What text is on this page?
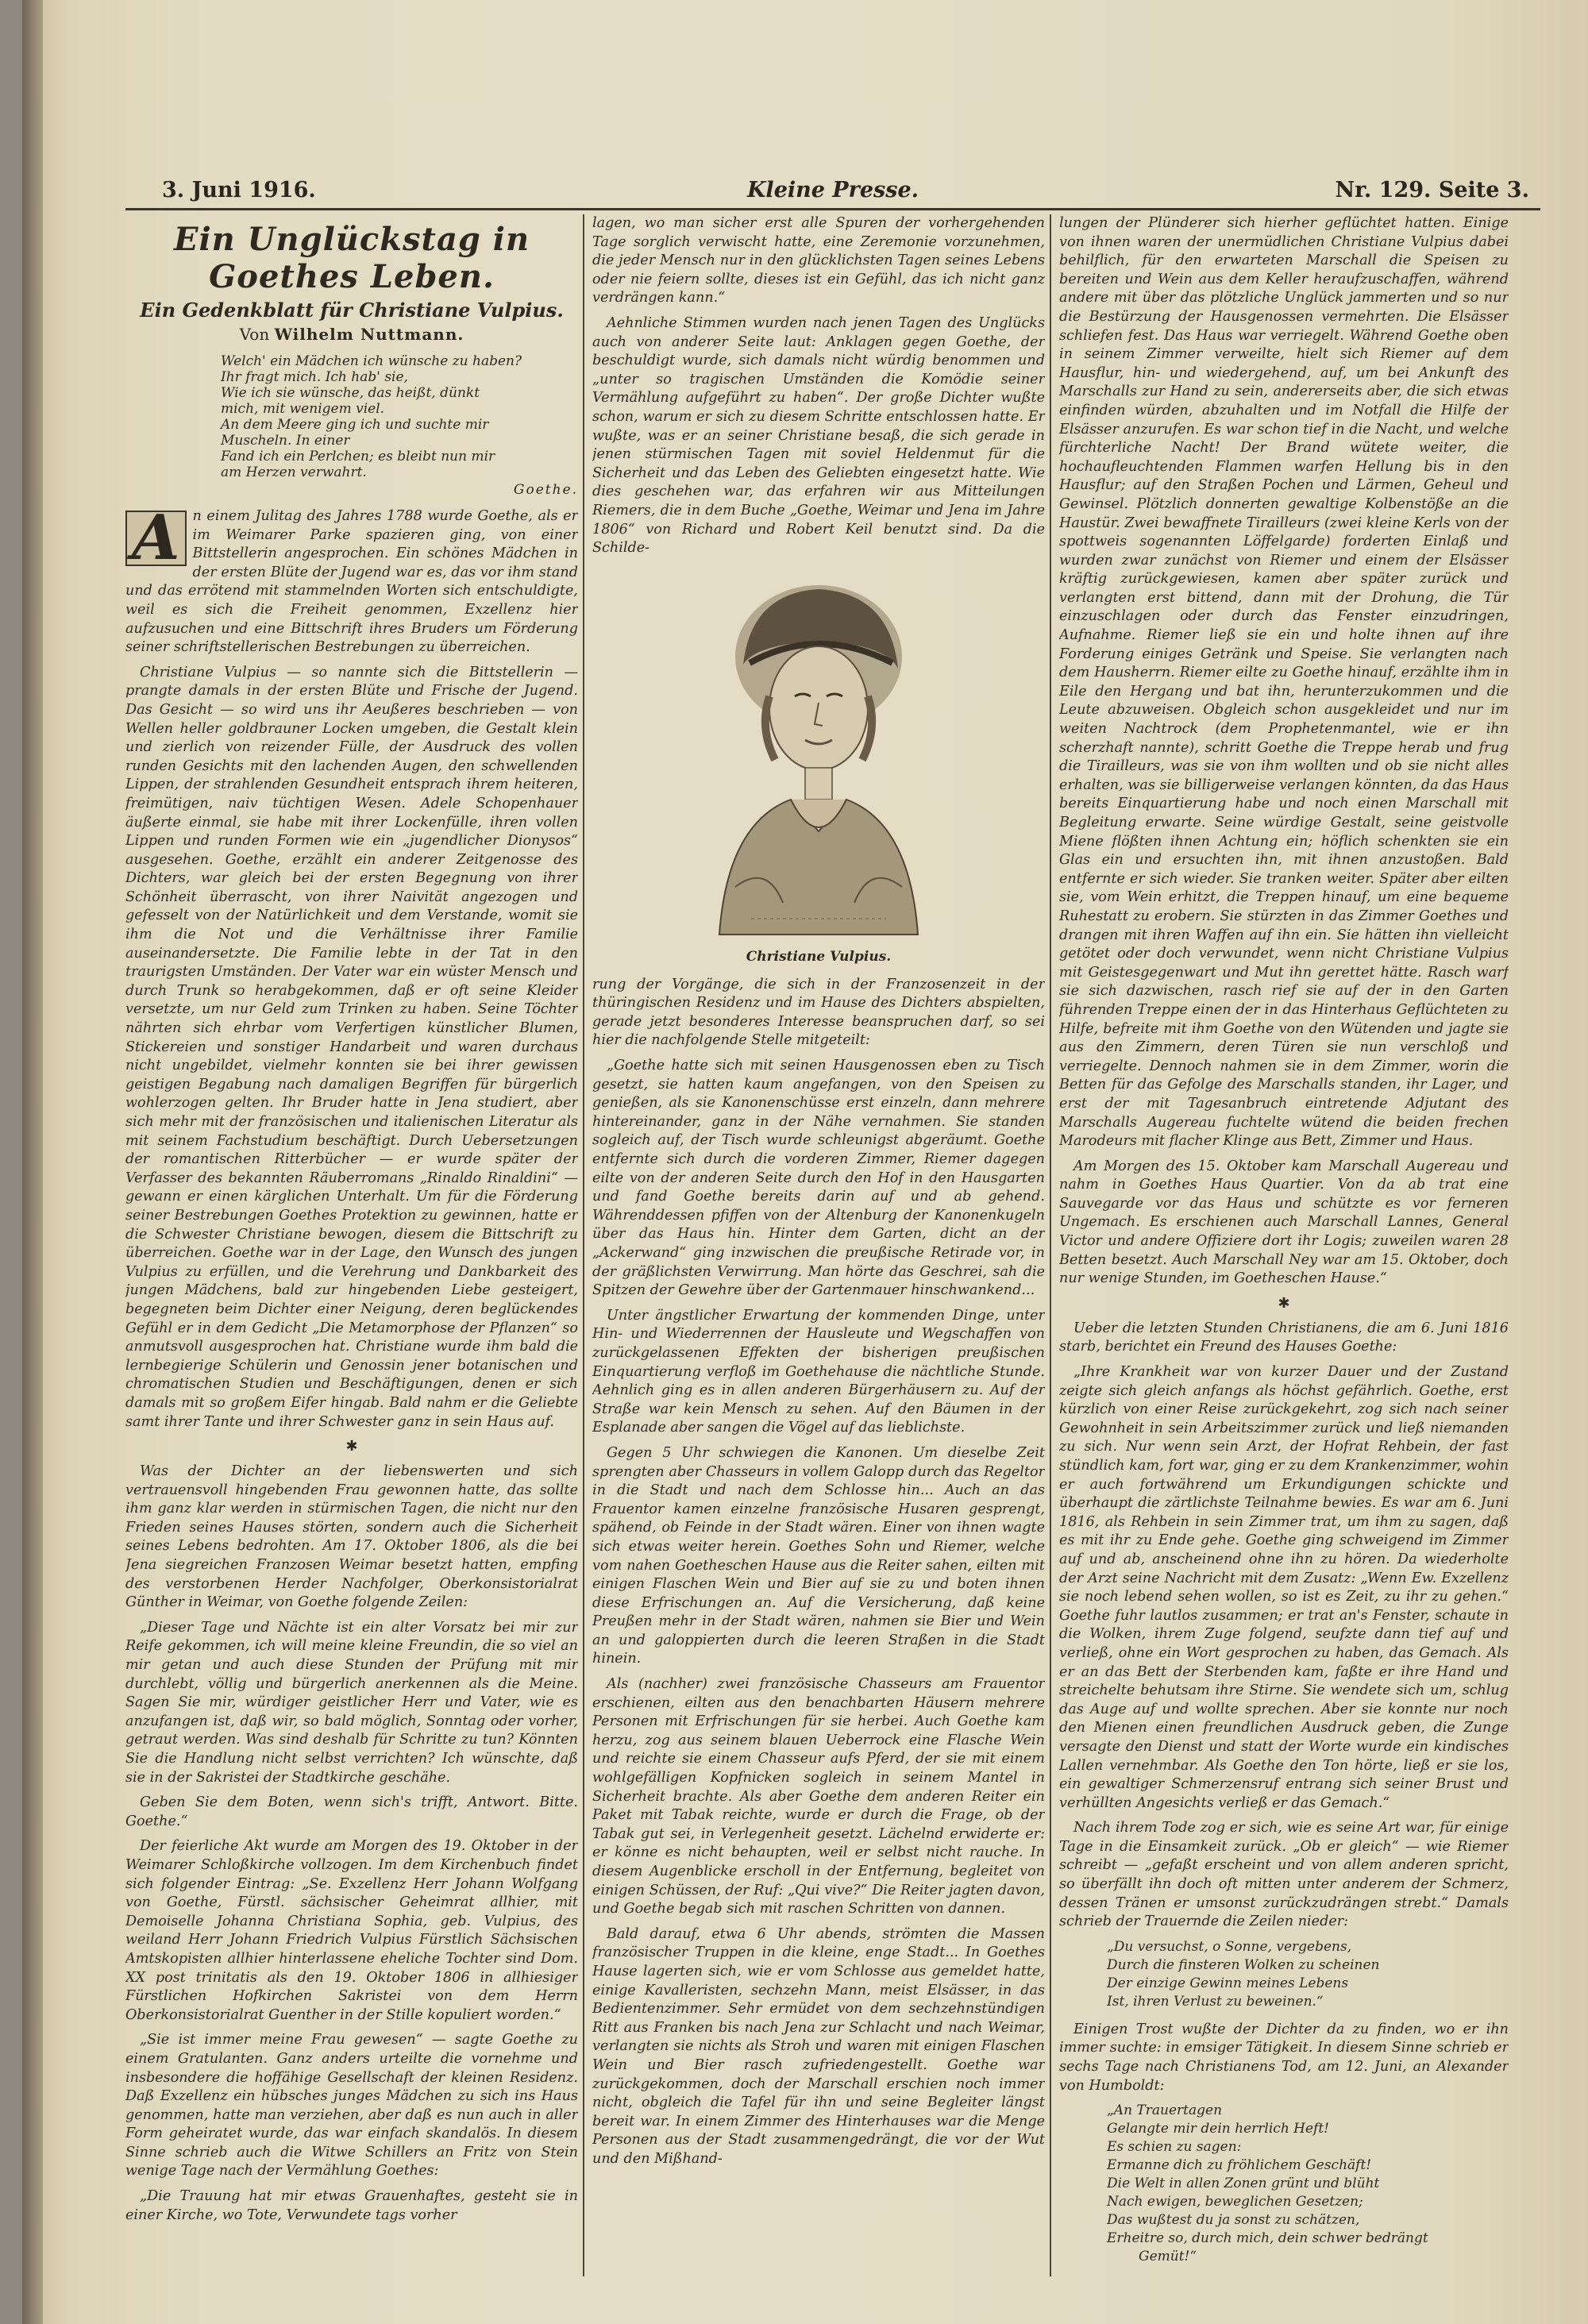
3. Juni 1916.	Kleine Presse.	Nr. 129. Seite 3.
Ein Unglückstag in Goethes Leben.
Ein Gedenkblatt für Christiane Vulpius.
Von Wilhelm Nuttmann.
Welch' ein Mädchen ich wünsche zu haben?
Ihr fragt mich. Ich hab' sie,
Wie ich sie wünsche, das heißt, dünkt
mich, mit wenigem viel.
An dem Meere ging ich und suchte mir
Muscheln. In einer
Fand ich ein Perlchen; es bleibt nun mir
am Herzen verwahrt.
Goethe.

A n einem Julitag des Jahres 1788 wurde Goethe, als er im Weimarer Parke spazieren ging, von einer Bittstellerin angesprochen. Ein schönes Mädchen in der ersten Blüte der Jugend war es, das vor ihm stand und das errötend mit stammelnden Worten sich entschuldigte, weil es sich die Freiheit genommen, Exzellenz hier aufzusuchen und eine Bittschrift ihres Bruders um Förderung seiner schriftstellerischen Bestrebungen zu überreichen.

Christiane Vulpius — so nannte sich die Bittstellerin — prangte damals in der ersten Blüte und Frische der Jugend. Das Gesicht — so wird uns ihr Aeußeres beschrieben — von Wellen heller goldbrauner Locken umgeben, die Gestalt klein und zierlich von reizender Fülle, der Ausdruck des vollen runden Gesichts mit den lachenden Augen, den schwellenden Lippen, der strahlenden Gesundheit entsprach ihrem heiteren, freimütigen, naiv tüchtigen Wesen. Adele Schopenhauer äußerte einmal, sie habe mit ihrer Lockenfülle, ihren vollen Lippen und runden Formen wie ein „jugendlicher Dionysos“ ausgesehen. Goethe, erzählt ein anderer Zeitgenosse des Dichters, war gleich bei der ersten Begegnung von ihrer Schönheit überrascht, von ihrer Naivität angezogen und gefesselt von der Natürlichkeit und dem Verstande, womit sie ihm die Not und die Verhältnisse ihrer Familie auseinandersetzte. Die Familie lebte in der Tat in den traurigsten Umständen. Der Vater war ein wüster Mensch und durch Trunk so herabgekommen, daß er oft seine Kleider versetzte, um nur Geld zum Trinken zu haben. Seine Töchter nährten sich ehrbar vom Verfertigen künstlicher Blumen, Stickereien und sonstiger Handarbeit und waren durchaus nicht ungebildet, vielmehr konnten sie bei ihrer gewissen geistigen Begabung nach damaligen Begriffen für bürgerlich wohlerzogen gelten. Ihr Bruder hatte in Jena studiert, aber sich mehr mit der französischen und italienischen Literatur als mit seinem Fachstudium beschäftigt. Durch Uebersetzungen der romantischen Ritterbücher — er wurde später der Verfasser des bekannten Räuberromans „Rinaldo Rinaldini“ — gewann er einen kärglichen Unterhalt. Um für die Förderung seiner Bestrebungen Goethes Protektion zu gewinnen, hatte er die Schwester Christiane bewogen, diesem die Bittschrift zu überreichen. Goethe war in der Lage, den Wunsch des jungen Vulpius zu erfüllen, und die Verehrung und Dankbarkeit des jungen Mädchens, bald zur hingebenden Liebe gesteigert, begegneten beim Dichter einer Neigung, deren beglückendes Gefühl er in dem Gedicht „Die Metamorphose der Pflanzen“ so anmutsvoll ausgesprochen hat. Christiane wurde ihm bald die lernbegierige Schülerin und Genossin jener botanischen und chromatischen Studien und Beschäftigungen, denen er sich damals mit so großem Eifer hingab. Bald nahm er die Geliebte samt ihrer Tante und ihrer Schwester ganz in sein Haus auf.

✱

Was der Dichter an der liebenswerten und sich vertrauensvoll hingebenden Frau gewonnen hatte, das sollte ihm ganz klar werden in stürmischen Tagen, die nicht nur den Frieden seines Hauses störten, sondern auch die Sicherheit seines Lebens bedrohten. Am 17. Oktober 1806, als die bei Jena siegreichen Franzosen Weimar besetzt hatten, empfing des verstorbenen Herder Nachfolger, Oberkonsistorialrat Günther in Weimar, von Goethe folgende Zeilen:

„Dieser Tage und Nächte ist ein alter Vorsatz bei mir zur Reife gekommen, ich will meine kleine Freundin, die so viel an mir getan und auch diese Stunden der Prüfung mit mir durchlebt, völlig und bürgerlich anerkennen als die Meine. Sagen Sie mir, würdiger geistlicher Herr und Vater, wie es anzufangen ist, daß wir, so bald möglich, Sonntag oder vorher, getraut werden. Was sind deshalb für Schritte zu tun? Könnten Sie die Handlung nicht selbst verrichten? Ich wünschte, daß sie in der Sakristei der Stadtkirche geschähe.

Geben Sie dem Boten, wenn sich's trifft, Antwort. Bitte. Goethe.“

Der feierliche Akt wurde am Morgen des 19. Oktober in der Weimarer Schloßkirche vollzogen. Im dem Kirchenbuch findet sich folgender Eintrag: „Se. Exzellenz Herr Johann Wolfgang von Goethe, Fürstl. sächsischer Geheimrat allhier, mit Demoiselle Johanna Christiana Sophia, geb. Vulpius, des weiland Herr Johann Friedrich Vulpius Fürstlich Sächsischen Amtskopisten allhier hinterlassene eheliche Tochter sind Dom. XX post trinitatis als den 19. Oktober 1806 in allhiesiger Fürstlichen Hofkirchen Sakristei von dem Herrn Oberkonsistorialrat Guenther in der Stille kopuliert worden.“

„Sie ist immer meine Frau gewesen“ — sagte Goethe zu einem Gratulanten. Ganz anders urteilte die vornehme und insbesondere die hoffähige Gesellschaft der kleinen Residenz. Daß Exzellenz ein hübsches junges Mädchen zu sich ins Haus genommen, hatte man verziehen, aber daß es nun auch in aller Form geheiratet wurde, das war einfach skandalös. In diesem Sinne schrieb auch die Witwe Schillers an Fritz von Stein wenige Tage nach der Vermählung Goethes:

„Die Trauung hat mir etwas Grauenhaftes, gesteht sie in einer Kirche, wo Tote, Verwundete tags vorher

lagen, wo man sicher erst alle Spuren der vorhergehenden Tage sorglich verwischt hatte, eine Zeremonie vorzunehmen, die jeder Mensch nur in den glücklichsten Tagen seines Lebens oder nie feiern sollte, dieses ist ein Gefühl, das ich nicht ganz verdrängen kann.“

Aehnliche Stimmen wurden nach jenen Tagen des Unglücks auch von anderer Seite laut: Anklagen gegen Goethe, der beschuldigt wurde, sich damals nicht würdig benommen und „unter so tragischen Umständen die Komödie seiner Vermählung aufgeführt zu haben“. Der große Dichter wußte schon, warum er sich zu diesem Schritte entschlossen hatte. Er wußte, was er an seiner Christiane besaß, die sich gerade in jenen stürmischen Tagen mit soviel Heldenmut für die Sicherheit und das Leben des Geliebten eingesetzt hatte. Wie dies geschehen war, das erfahren wir aus Mitteilungen Riemers, die in dem Buche „Goethe, Weimar und Jena im Jahre 1806“ von Richard und Robert Keil benutzt sind. Da die Schilde-

Christiane Vulpius.

rung der Vorgänge, die sich in der Franzosenzeit in der thüringischen Residenz und im Hause des Dichters abspielten, gerade jetzt besonderes Interesse beanspruchen darf, so sei hier die nachfolgende Stelle mitgeteilt:

„Goethe hatte sich mit seinen Hausgenossen eben zu Tisch gesetzt, sie hatten kaum angefangen, von den Speisen zu genießen, als sie Kanonenschüsse erst einzeln, dann mehrere hintereinander, ganz in der Nähe vernahmen. Sie standen sogleich auf, der Tisch wurde schleunigst abgeräumt. Goethe entfernte sich durch die vorderen Zimmer, Riemer dagegen eilte von der anderen Seite durch den Hof in den Hausgarten und fand Goethe bereits darin auf und ab gehend. Währenddessen pfiffen von der Altenburg der Kanonenkugeln über das Haus hin. Hinter dem Garten, dicht an der „Ackerwand“ ging inzwischen die preußische Retirade vor, in der gräßlichsten Verwirrung. Man hörte das Geschrei, sah die Spitzen der Gewehre über der Gartenmauer hinschwankend...

Unter ängstlicher Erwartung der kommenden Dinge, unter Hin- und Wiederrennen der Hausleute und Wegschaffen von zurückgelassenen Effekten der bisherigen preußischen Einquartierung verfloß im Goethehause die nächtliche Stunde. Aehnlich ging es in allen anderen Bürgerhäusern zu. Auf der Straße war kein Mensch zu sehen. Auf den Bäumen in der Esplanade aber sangen die Vögel auf das lieblichste.

Gegen 5 Uhr schwiegen die Kanonen. Um dieselbe Zeit sprengten aber Chasseurs in vollem Galopp durch das Regeltor in die Stadt und nach dem Schlosse hin... Auch an das Frauentor kamen einzelne französische Husaren gesprengt, spähend, ob Feinde in der Stadt wären. Einer von ihnen wagte sich etwas weiter herein. Goethes Sohn und Riemer, welche vom nahen Goetheschen Hause aus die Reiter sahen, eilten mit einigen Flaschen Wein und Bier auf sie zu und boten ihnen diese Erfrischungen an. Auf die Versicherung, daß keine Preußen mehr in der Stadt wären, nahmen sie Bier und Wein an und galoppierten durch die leeren Straßen in die Stadt hinein.

Als (nachher) zwei französische Chasseurs am Frauentor erschienen, eilten aus den benachbarten Häusern mehrere Personen mit Erfrischungen für sie herbei. Auch Goethe kam herzu, zog aus seinem blauen Ueberrock eine Flasche Wein und reichte sie einem Chasseur aufs Pferd, der sie mit einem wohlgefälligen Kopfnicken sogleich in seinem Mantel in Sicherheit brachte. Als aber Goethe dem anderen Reiter ein Paket mit Tabak reichte, wurde er durch die Frage, ob der Tabak gut sei, in Verlegenheit gesetzt. Lächelnd erwiderte er: er könne es nicht behaupten, weil er selbst nicht rauche. In diesem Augenblicke erscholl in der Entfernung, begleitet von einigen Schüssen, der Ruf: „Qui vive?“ Die Reiter jagten davon, und Goethe begab sich mit raschen Schritten von dannen.

Bald darauf, etwa 6 Uhr abends, strömten die Massen französischer Truppen in die kleine, enge Stadt... In Goethes Hause lagerten sich, wie er vom Schlosse aus gemeldet hatte, einige Kavalleristen, sechzehn Mann, meist Elsässer, in das Bedientenzimmer. Sehr ermüdet von dem sechzehnstündigen Ritt aus Franken bis nach Jena zur Schlacht und nach Weimar, verlangten sie nichts als Stroh und waren mit einigen Flaschen Wein und Bier rasch zufriedengestellt. Goethe war zurückgekommen, doch der Marschall erschien noch immer nicht, obgleich die Tafel für ihn und seine Begleiter längst bereit war. In einem Zimmer des Hinterhauses war die Menge Personen aus der Stadt zusammengedrängt, die vor der Wut und den Mißhand-

lungen der Plünderer sich hierher geflüchtet hatten. Einige von ihnen waren der unermüdlichen Christiane Vulpius dabei behilflich, für den erwarteten Marschall die Speisen zu bereiten und Wein aus dem Keller heraufzuschaffen, während andere mit über das plötzliche Unglück jammerten und so nur die Bestürzung der Hausgenossen vermehrten. Die Elsässer schliefen fest. Das Haus war verriegelt. Während Goethe oben in seinem Zimmer verweilte, hielt sich Riemer auf dem Hausflur, hin- und wiedergehend, auf, um bei Ankunft des Marschalls zur Hand zu sein, andererseits aber, die sich etwas einfinden würden, abzuhalten und im Notfall die Hilfe der Elsässer anzurufen. Es war schon tief in die Nacht, und welche fürchterliche Nacht! Der Brand wütete weiter, die hochaufleuchtenden Flammen warfen Hellung bis in den Hausflur; auf den Straßen Pochen und Lärmen, Geheul und Gewinsel. Plötzlich donnerten gewaltige Kolbenstöße an die Haustür. Zwei bewaffnete Tirailleurs (zwei kleine Kerls von der spottweis sogenannten Löffelgarde) forderten Einlaß und wurden zwar zunächst von Riemer und einem der Elsässer kräftig zurückgewiesen, kamen aber später zurück und verlangten erst bittend, dann mit der Drohung, die Tür einzuschlagen oder durch das Fenster einzudringen, Aufnahme. Riemer ließ sie ein und holte ihnen auf ihre Forderung einiges Getränk und Speise. Sie verlangten nach dem Hausherrn. Riemer eilte zu Goethe hinauf, erzählte ihm in Eile den Hergang und bat ihn, herunterzukommen und die Leute abzuweisen. Obgleich schon ausgekleidet und nur im weiten Nachtrock (dem Prophetenmantel, wie er ihn scherzhaft nannte), schritt Goethe die Treppe herab und frug die Tirailleurs, was sie von ihm wollten und ob sie nicht alles erhalten, was sie billigerweise verlangen könnten, da das Haus bereits Einquartierung habe und noch einen Marschall mit Begleitung erwarte. Seine würdige Gestalt, seine geistvolle Miene flößten ihnen Achtung ein; höflich schenkten sie ein Glas ein und ersuchten ihn, mit ihnen anzustoßen. Bald entfernte er sich wieder. Sie tranken weiter. Später aber eilten sie, vom Wein erhitzt, die Treppen hinauf, um eine bequeme Ruhestatt zu erobern. Sie stürzten in das Zimmer Goethes und drangen mit ihren Waffen auf ihn ein. Sie hätten ihn vielleicht getötet oder doch verwundet, wenn nicht Christiane Vulpius mit Geistesgegenwart und Mut ihn gerettet hätte. Rasch warf sie sich dazwischen, rasch rief sie auf der in den Garten führenden Treppe einen der in das Hinterhaus Geflüchteten zu Hilfe, befreite mit ihm Goethe von den Wütenden und jagte sie aus den Zimmern, deren Türen sie nun verschloß und verriegelte. Dennoch nahmen sie in dem Zimmer, worin die Betten für das Gefolge des Marschalls standen, ihr Lager, und erst der mit Tagesanbruch eintretende Adjutant des Marschalls Augereau fuchtelte wütend die beiden frechen Marodeurs mit flacher Klinge aus Bett, Zimmer und Haus.

Am Morgen des 15. Oktober kam Marschall Augereau und nahm in Goethes Haus Quartier. Von da ab trat eine Sauvegarde vor das Haus und schützte es vor ferneren Ungemach. Es erschienen auch Marschall Lannes, General Victor und andere Offiziere dort ihr Logis; zuweilen waren 28 Betten besetzt. Auch Marschall Ney war am 15. Oktober, doch nur wenige Stunden, im Goetheschen Hause.“

✱

Ueber die letzten Stunden Christianens, die am 6. Juni 1816 starb, berichtet ein Freund des Hauses Goethe:

„Ihre Krankheit war von kurzer Dauer und der Zustand zeigte sich gleich anfangs als höchst gefährlich. Goethe, erst kürzlich von einer Reise zurückgekehrt, zog sich nach seiner Gewohnheit in sein Arbeitszimmer zurück und ließ niemanden zu sich. Nur wenn sein Arzt, der Hofrat Rehbein, der fast stündlich kam, fort war, ging er zu dem Krankenzimmer, wohin er auch fortwährend um Erkundigungen schickte und überhaupt die zärtlichste Teilnahme bewies. Es war am 6. Juni 1816, als Rehbein in sein Zimmer trat, um ihm zu sagen, daß es mit ihr zu Ende gehe. Goethe ging schweigend im Zimmer auf und ab, anscheinend ohne ihn zu hören. Da wiederholte der Arzt seine Nachricht mit dem Zusatz: „Wenn Ew. Exzellenz sie noch lebend sehen wollen, so ist es Zeit, zu ihr zu gehen.“ Goethe fuhr lautlos zusammen; er trat an's Fenster, schaute in die Wolken, ihrem Zuge folgend, seufzte dann tief auf und verließ, ohne ein Wort gesprochen zu haben, das Gemach. Als er an das Bett der Sterbenden kam, faßte er ihre Hand und streichelte behutsam ihre Stirne. Sie wendete sich um, schlug das Auge auf und wollte sprechen. Aber sie konnte nur noch den Mienen einen freundlichen Ausdruck geben, die Zunge versagte den Dienst und statt der Worte wurde ein kindisches Lallen vernehmbar. Als Goethe den Ton hörte, ließ er sie los, ein gewaltiger Schmerzensruf entrang sich seiner Brust und verhüllten Angesichts verließ er das Gemach.“

Nach ihrem Tode zog er sich, wie es seine Art war, für einige Tage in die Einsamkeit zurück. „Ob er gleich“ — wie Riemer schreibt — „gefaßt erscheint und von allem anderen spricht, so überfällt ihn doch oft mitten unter anderem der Schmerz, dessen Tränen er umsonst zurückzudrängen strebt.“ Damals schrieb der Trauernde die Zeilen nieder:

„Du versuchst, o Sonne, vergebens,
Durch die finsteren Wolken zu scheinen
Der einzige Gewinn meines Lebens
Ist, ihren Verlust zu beweinen.“

Einigen Trost wußte der Dichter da zu finden, wo er ihn immer suchte: in emsiger Tätigkeit. In diesem Sinne schrieb er sechs Tage nach Christianens Tod, am 12. Juni, an Alexander von Humboldt:

„An Trauertagen
Gelangte mir dein herrlich Heft!
Es schien zu sagen:
Ermanne dich zu fröhlichem Geschäft!
Die Welt in allen Zonen grünt und blüht
Nach ewigen, beweglichen Gesetzen;
Das wußtest du ja sonst zu schätzen,
Erheitre so, durch mich, dein schwer bedrängt
Gemüt!“
